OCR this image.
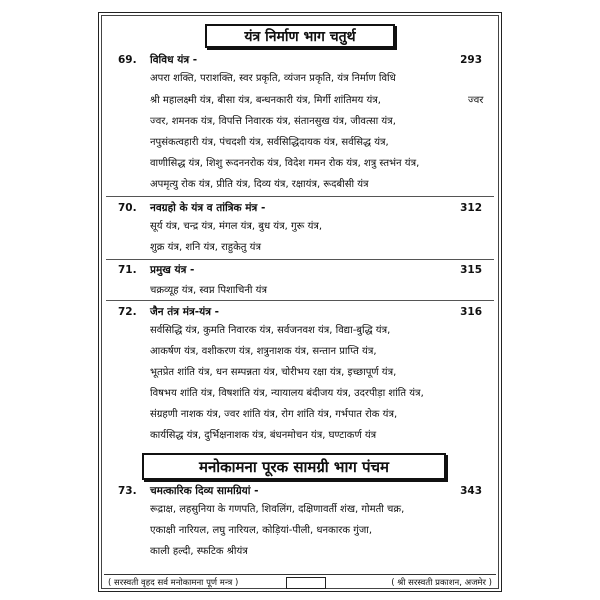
यंत्र निर्माण भाग चतुर्थ
69. विविध यंत्र -	293
अपरा शक्ति, पराशक्ति, स्वर प्रकृति, व्यंजन प्रकृति, यंत्र निर्माण विधि
श्री महालक्ष्मी यंत्र, बीसा यंत्र, बन्धनकारी यंत्र, मिर्गी शांतिमय यंत्र,
ज्वर, शमनक यंत्र, विपत्ति निवारक यंत्र, संतानसुख यंत्र, जीवत्सा यंत्र,
नपुसंकत्वहारी यंत्र, पंचदशी यंत्र, सर्वसिद्धिदायक यंत्र, सर्वसिद्ध यंत्र,
वाणीसिद्ध यंत्र, शिशु रूदननरोक यंत्र, विदेश गमन रोक यंत्र, शत्रु स्तभंन यंत्र,
अपमृत्यु रोक यंत्र, प्रीति यंत्र, दिव्य यंत्र, रक्षायंत्र, रूदबीसी यंत्र
ज्वर
70. नवग्रहो के यंत्र व तांत्रिक मंत्र -	312
सूर्य यंत्र, चन्द्र यंत्र, मंगल यंत्र, बुध यंत्र, गुरू यंत्र,
शुक्र यंत्र, शनि यंत्र, राहुकेतु यंत्र
71. प्रमुख यंत्र -	315
चक्रव्यूह यंत्र, स्वप्न पिशाचिनी यंत्र
72. जैन तंत्र मंत्र-यंत्र -	316
सर्वसिद्धि यंत्र, कुमति निवारक यंत्र, सर्वजनवश यंत्र, विद्या-बुद्धि यंत्र,
आकर्षण यंत्र, वशीकरण यंत्र, शत्रुनाशक यंत्र, सन्तान प्राप्ति यंत्र,
भूतप्रेत शांति यंत्र, धन सम्पन्नता यंत्र, चोरीभय रक्षा यंत्र, इच्छापूर्ण यंत्र,
विषभय शांति यंत्र, विषशांति यंत्र, न्यायालय बंदीजय यंत्र, उदरपीड़ा शांति यंत्र,
संग्रहणी नाशक यंत्र, ज्वर शांति यंत्र, रोग शांति यंत्र, गर्भपात रोक यंत्र,
कार्यसिद्ध यंत्र, दुर्भिक्षनाशक यंत्र, बंधनमोचन यंत्र, घण्टाकर्ण यंत्र
73. चमत्कारिक दिव्य सामग्रियां -	343
रूद्राक्ष, लहसुनिया के गणपति, शिवलिंग, दक्षिणावर्ती शंख, गोमती चक्र,
एकाक्षी नारियल, लघु नारियल, कोड़ियां-पीली, धनकारक गुंजा,
काली हल्दी, स्फटिक श्रीयंत्र
मनोकामना पूरक सामग्री भाग पंचम
( सरस्वती वृहद सर्व मनोकामना पूर्ण मन्त्र )	( श्री सरस्वती प्रकाशन, अजमेर )
